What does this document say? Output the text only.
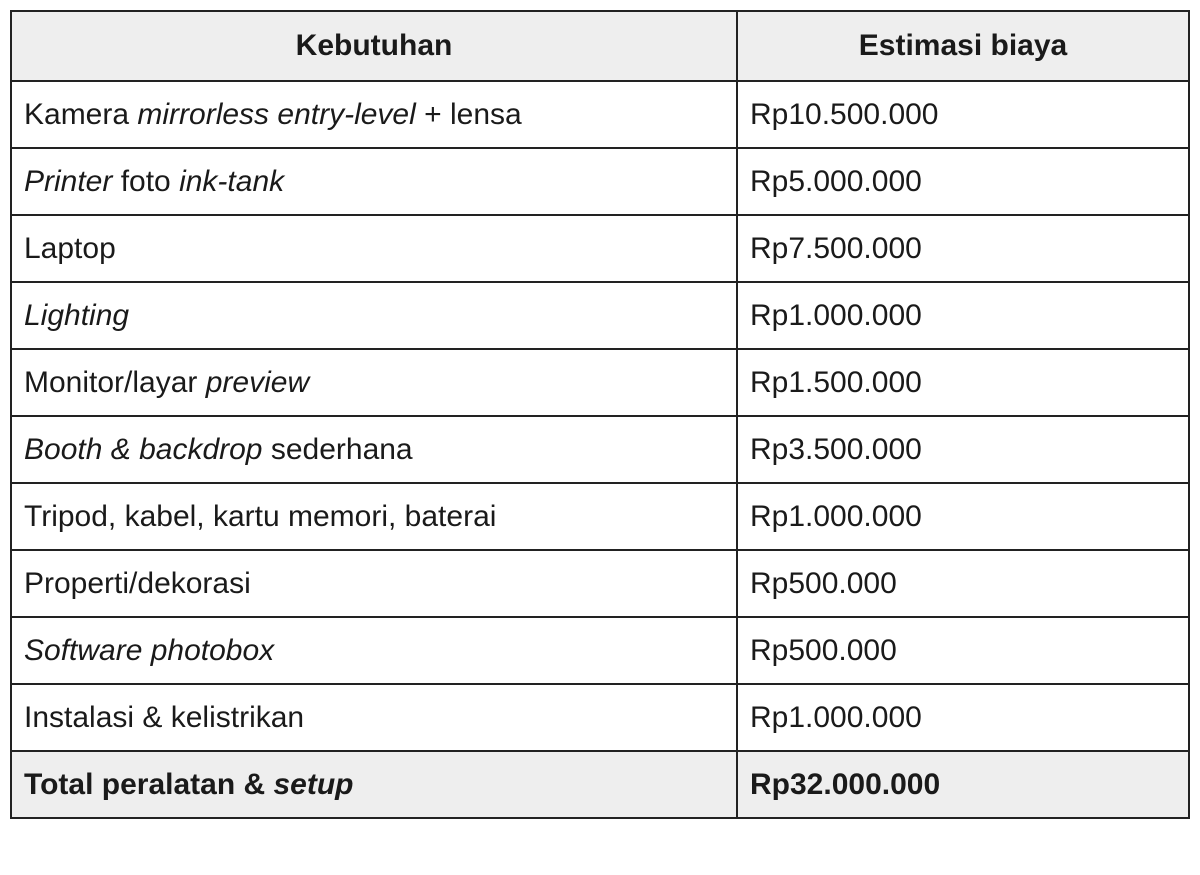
Kebutuhan	Estimasi biaya
Kamera mirrorless entry-level + lensa	Rp10.500.000
Printer foto ink-tank	Rp5.000.000
Laptop	Rp7.500.000
Lighting	Rp1.000.000
Monitor/layar preview	Rp1.500.000
Booth & backdrop sederhana	Rp3.500.000
Tripod, kabel, kartu memori, baterai	Rp1.000.000
Properti/dekorasi	Rp500.000
Software photobox	Rp500.000
Instalasi & kelistrikan	Rp1.000.000
Total peralatan & setup	Rp32.000.000
